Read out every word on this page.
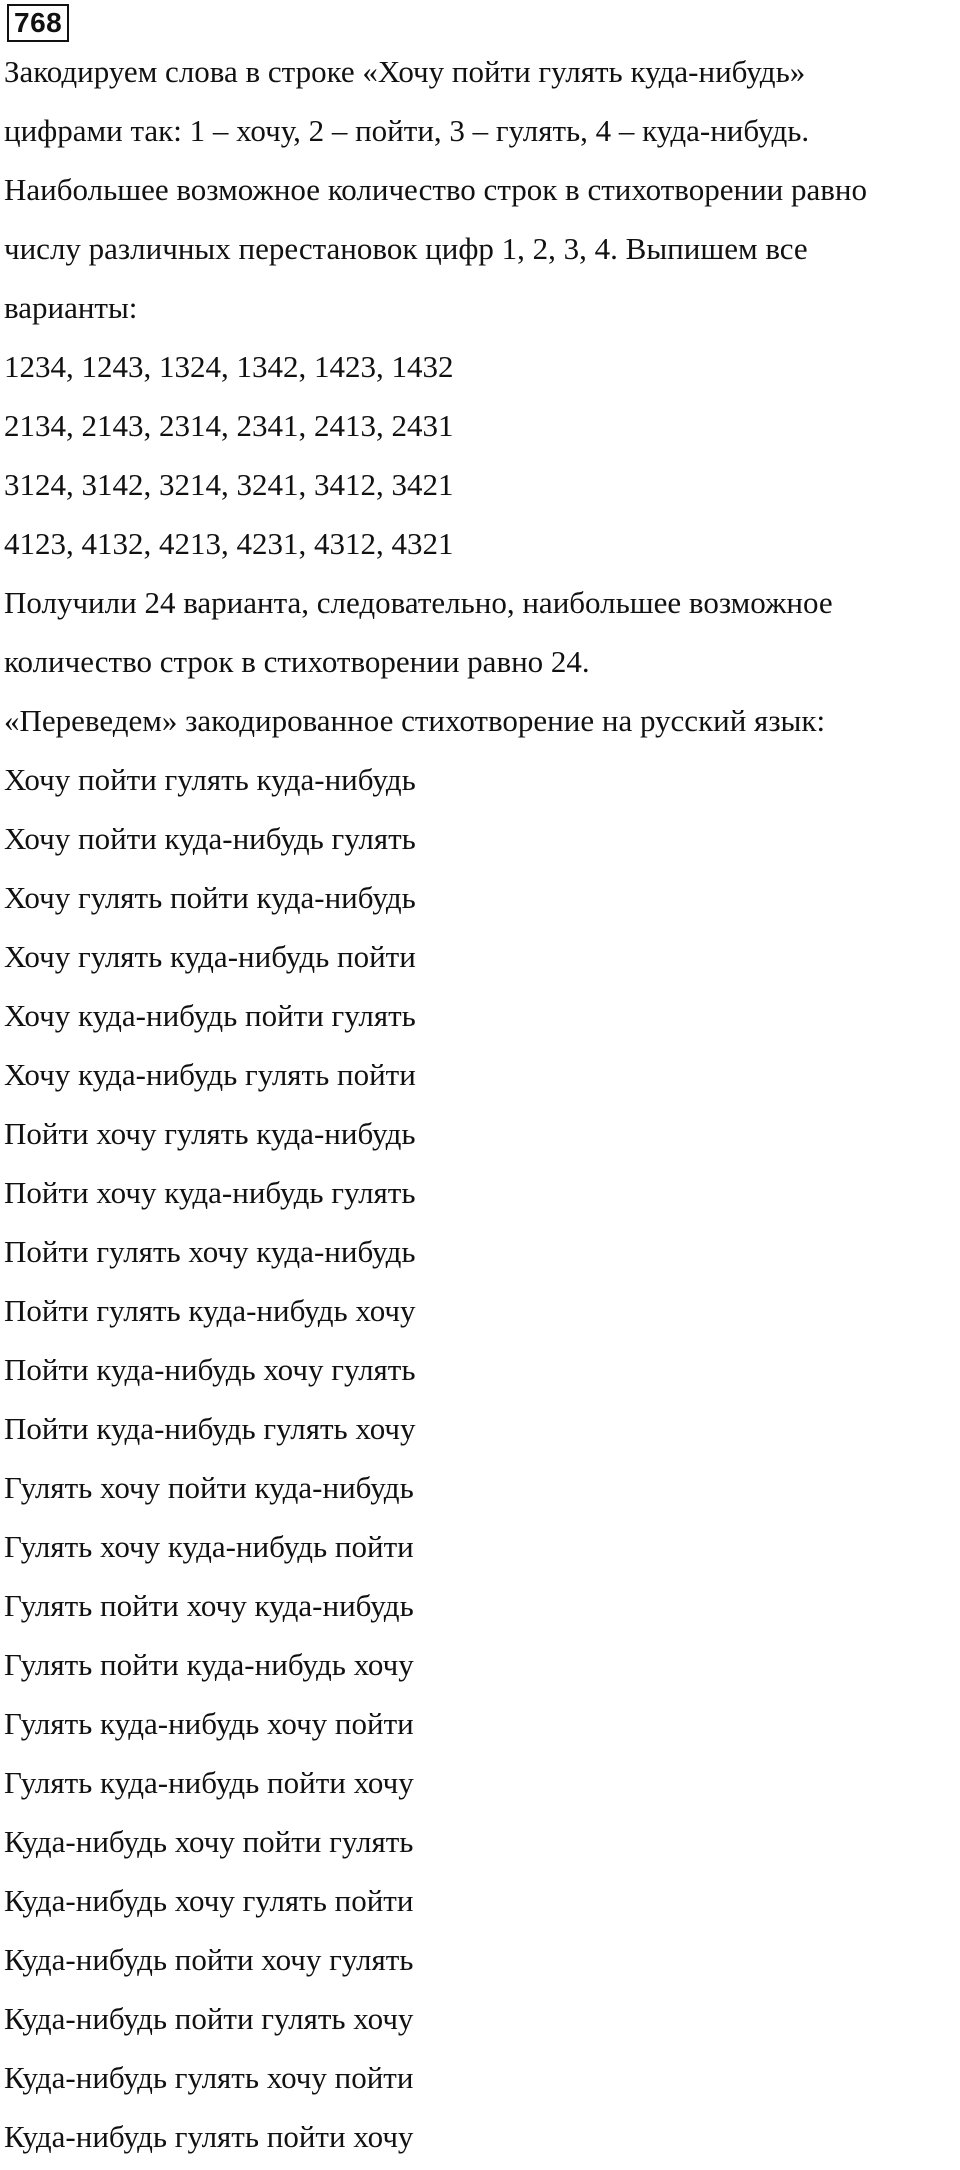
768
Закодируем слова в строке «Хочу пойти гулять куда-нибудь»
цифрами так: 1 – хочу, 2 – пойти, 3 – гулять, 4 – куда-нибудь.
Наибольшее возможное количество строк в стихотворении равно
числу различных перестановок цифр 1, 2, 3, 4. Выпишем все
варианты:
1234, 1243, 1324, 1342, 1423, 1432
2134, 2143, 2314, 2341, 2413, 2431
3124, 3142, 3214, 3241, 3412, 3421
4123, 4132, 4213, 4231, 4312, 4321
Получили 24 варианта, следовательно, наибольшее возможное
количество строк в стихотворении равно 24.
«Переведем» закодированное стихотворение на русский язык:
Хочу пойти гулять куда-нибудь
Хочу пойти куда-нибудь гулять
Хочу гулять пойти куда-нибудь
Хочу гулять куда-нибудь пойти
Хочу куда-нибудь пойти гулять
Хочу куда-нибудь гулять пойти
Пойти хочу гулять куда-нибудь
Пойти хочу куда-нибудь гулять
Пойти гулять хочу куда-нибудь
Пойти гулять куда-нибудь хочу
Пойти куда-нибудь хочу гулять
Пойти куда-нибудь гулять хочу
Гулять хочу пойти куда-нибудь
Гулять хочу куда-нибудь пойти
Гулять пойти хочу куда-нибудь
Гулять пойти куда-нибудь хочу
Гулять куда-нибудь хочу пойти
Гулять куда-нибудь пойти хочу
Куда-нибудь хочу пойти гулять
Куда-нибудь хочу гулять пойти
Куда-нибудь пойти хочу гулять
Куда-нибудь пойти гулять хочу
Куда-нибудь гулять хочу пойти
Куда-нибудь гулять пойти хочу
